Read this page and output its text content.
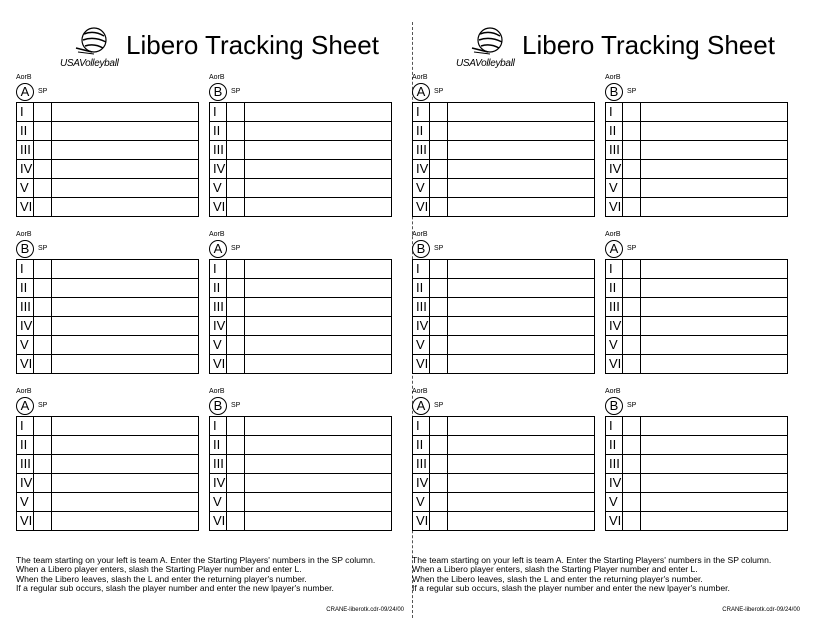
USAVolleyball
Libero Tracking Sheet
AorB
A	SP
I
II
III
IV
V
VI
AorB
B	SP
I
II
III
IV
V
VI
AorB
B	SP
I
II
III
IV
V
VI
AorB
A	SP
I
II
III
IV
V
VI
AorB
A	SP
I
II
III
IV
V
VI
AorB
B	SP
I
II
III
IV
V
VI
The team starting on your left is team A. Enter the Starting Players' numbers in the SP column.
When a Libero player enters, slash the Starting Player number and enter L.
When the Libero leaves, slash the L and enter the returning player's number.
If a regular sub occurs, slash the player number and enter the new lpayer's number.
CRANE-liberotk.cdr-09/24/00
USAVolleyball
Libero Tracking Sheet
AorB
A	SP
I
II
III
IV
V
VI
AorB
B	SP
I
II
III
IV
V
VI
AorB
B	SP
I
II
III
IV
V
VI
AorB
A	SP
I
II
III
IV
V
VI
AorB
A	SP
I
II
III
IV
V
VI
AorB
B	SP
I
II
III
IV
V
VI
The team starting on your left is team A. Enter the Starting Players' numbers in the SP column.
When a Libero player enters, slash the Starting Player number and enter L.
When the Libero leaves, slash the L and enter the returning player's number.
If a regular sub occurs, slash the player number and enter the new lpayer's number.
CRANE-liberotk.cdr-09/24/00
